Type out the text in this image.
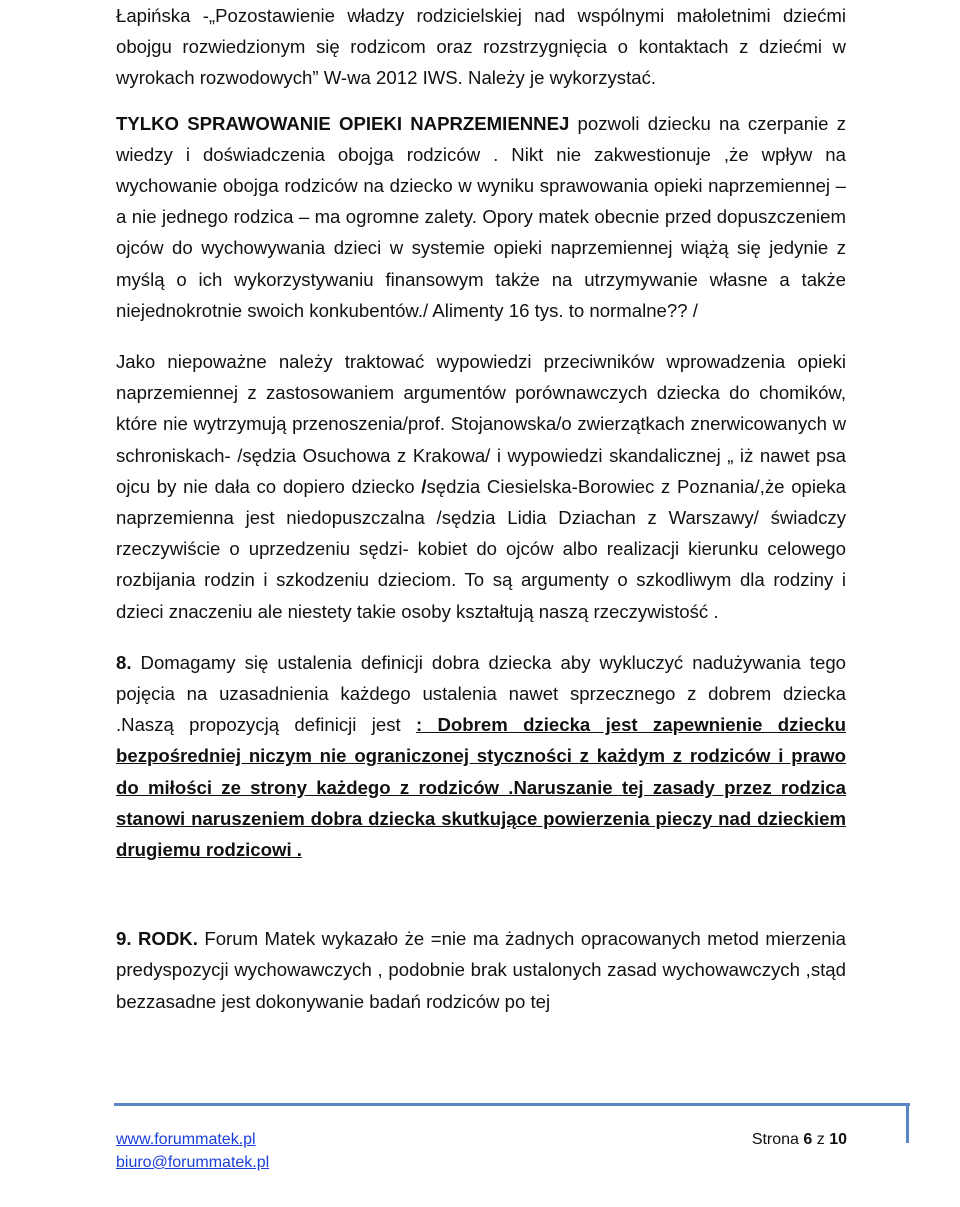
Łapińska -„Pozostawienie władzy rodzicielskiej nad wspólnymi małoletnimi dziećmi obojgu rozwiedzionym się rodzicom oraz rozstrzygnięcia o kontaktach z dziećmi w wyrokach rozwodowych” W-wa 2012 IWS. Należy je wykorzystać.

TYLKO SPRAWOWANIE OPIEKI NAPRZEMIENNEJ pozwoli dziecku na czerpanie z wiedzy i doświadczenia obojga rodziców . Nikt nie zakwestionuje ,że wpływ na wychowanie obojga rodziców na dziecko w wyniku sprawowania opieki naprzemiennej – a nie jednego rodzica – ma ogromne zalety. Opory matek obecnie przed dopuszczeniem ojców do wychowywania dzieci w systemie opieki naprzemiennej wiążą się jedynie z myślą o ich wykorzystywaniu finansowym także na utrzymywanie własne a także niejednokrotnie swoich konkubentów./ Alimenty 16 tys. to normalne?? /

Jako niepoważne należy traktować wypowiedzi przeciwników wprowadzenia opieki naprzemiennej z zastosowaniem argumentów porównawczych dziecka do chomików, które nie wytrzymują przenoszenia/prof. Stojanowska/o zwierzątkach znerwicowanych w schroniskach- /sędzia Osuchowa z Krakowa/ i wypowiedzi skandalicznej „ iż nawet psa ojcu by nie dała co dopiero dziecko /sędzia Ciesielska-Borowiec z Poznania/,że opieka naprzemienna jest niedopuszczalna /sędzia Lidia Dziachan z Warszawy/ świadczy rzeczywiście o uprzedzeniu sędzi- kobiet do ojców albo realizacji kierunku celowego rozbijania rodzin i szkodzeniu dzieciom. To są argumenty o szkodliwym dla rodziny i dzieci znaczeniu ale niestety takie osoby kształtują naszą rzeczywistość .

8. Domagamy się ustalenia definicji dobra dziecka aby wykluczyć nadużywania tego pojęcia na uzasadnienia każdego ustalenia nawet sprzecznego z dobrem dziecka .Naszą propozycją definicji jest : Dobrem dziecka jest zapewnienie dziecku bezpośredniej niczym nie ograniczonej styczności z każdym z rodziców i prawo do miłości ze strony każdego z rodziców .Naruszanie tej zasady przez rodzica stanowi naruszeniem dobra dziecka skutkujące powierzenia pieczy nad dzieckiem drugiemu rodzicowi .

9. RODK. Forum Matek wykazało że =nie ma żadnych opracowanych metod mierzenia predyspozycji wychowawczych , podobnie brak ustalonych zasad wychowawczych ,stąd bezzasadne jest dokonywanie badań rodziców po tej

www.forummatek.pl
biuro@forummatek.pl
Strona 6 z 10
